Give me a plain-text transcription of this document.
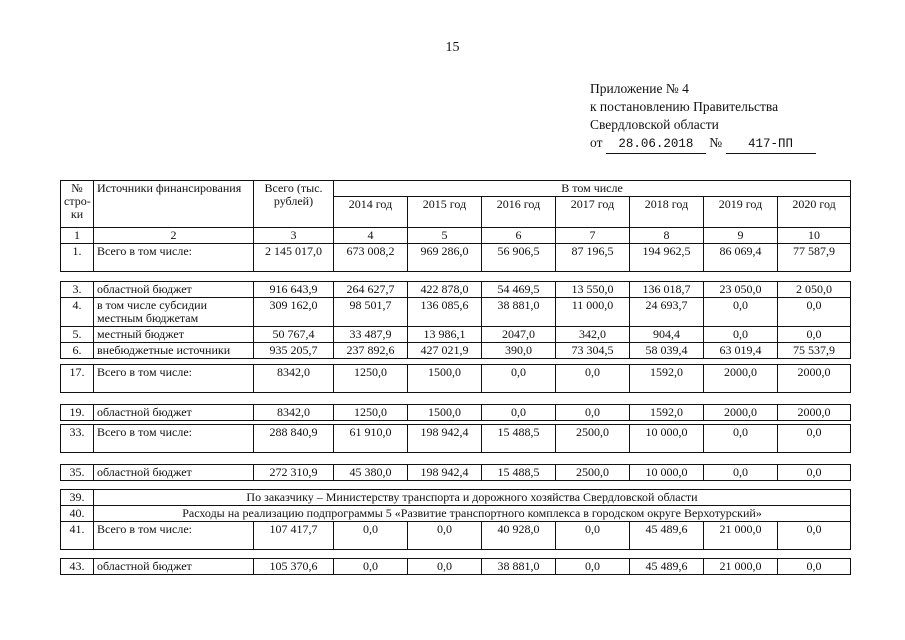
15
Приложение № 4
к постановлению Правительства
Свердловской области
от 28.06.2018 № 417-ПП
№ стро-ки	Источники финансирования	Всего (тыс. рублей)	В том числе						
			2014 год	2015 год	2016 год	2017 год	2018 год	2019 год	2020 год
1	2	3	4	5	6	7	8	9	10
1.	Всего в том числе:	2 145 017,0	673 008,2	969 286,0	56 906,5	87 196,5	194 962,5	86 069,4	77 587,9
3.	областной бюджет	916 643,9	264 627,7	422 878,0	54 469,5	13 550,0	136 018,7	23 050,0	2 050,0
4.	в том числе субсидии местным бюджетам	309 162,0	98 501,7	136 085,6	38 881,0	11 000,0	24 693,7	0,0	0,0
5.	местный бюджет	50 767,4	33 487,9	13 986,1	2047,0	342,0	904,4	0,0	0,0
6.	внебюджетные источники	935 205,7	237 892,6	427 021,9	390,0	73 304,5	58 039,4	63 019,4	75 537,9
17.	Всего в том числе:	8342,0	1250,0	1500,0	0,0	0,0	1592,0	2000,0	2000,0
19.	областной бюджет	8342,0	1250,0	1500,0	0,0	0,0	1592,0	2000,0	2000,0
33.	Всего в том числе:	288 840,9	61 910,0	198 942,4	15 488,5	2500,0	10 000,0	0,0	0,0
35.	областной бюджет	272 310,9	45 380,0	198 942,4	15 488,5	2500,0	10 000,0	0,0	0,0
39.	По заказчику – Министерству транспорта и дорожного хозяйства Свердловской области								
40.	Расходы на реализацию подпрограммы 5 «Развитие транспортного комплекса в городском округе Верхотурский»								
41.	Всего в том числе:	107 417,7	0,0	0,0	40 928,0	0,0	45 489,6	21 000,0	0,0
43.	областной бюджет	105 370,6	0,0	0,0	38 881,0	0,0	45 489,6	21 000,0	0,0
